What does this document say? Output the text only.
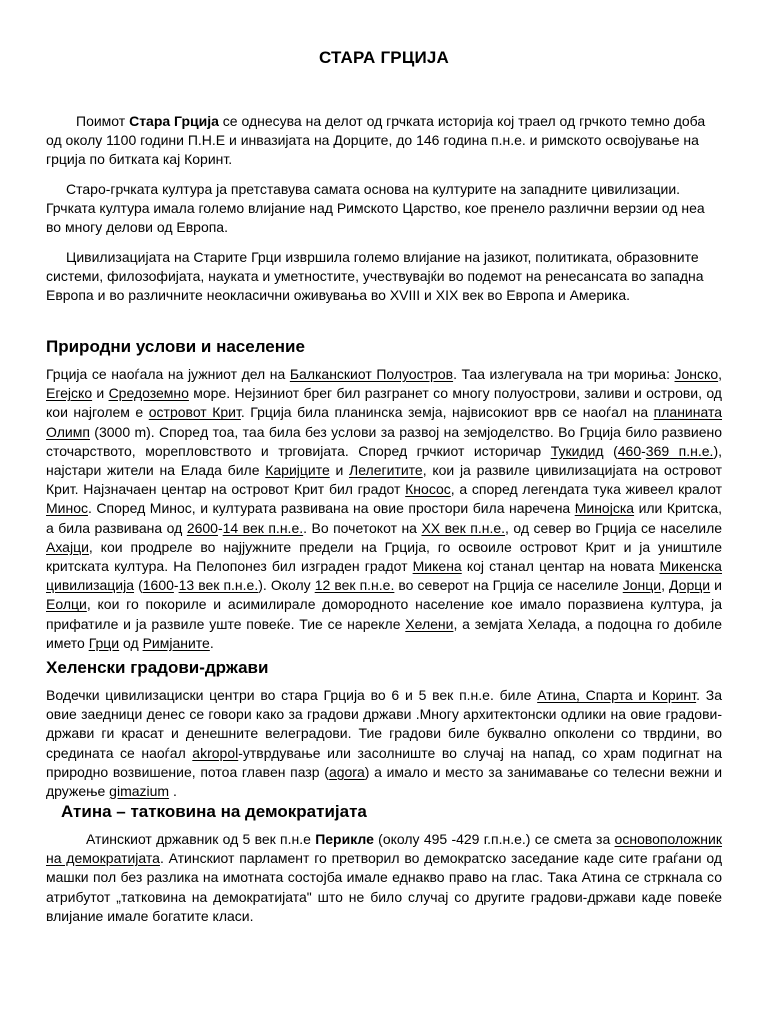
СТАРА ГРЦИЈА

Поимот Стара Грција се однесува на делот од грчката историја кој траел од грчкото темно доба од околу 1100 години П.Н.Е и инвазијата на Дорците, до 146 година п.н.е. и римското освојување на грција по битката кај Коринт.

Старо-грчката култура ја претставува самата основа на културите на западните цивилизации. Грчката култура имала големо влијание над Римското Царство, кое пренело различни верзии од неа во многу делови од Европа.

Цивилизацијата на Старите Грци извршила големо влијание на јазикот, политиката, образовните системи, филозофијата, науката и уметностите, учествувајќи во подемот на ренесансата во западна Европа и во различните неокласични оживувања во XVIII и XIX век во Европа и Америка.

Природни услови и население

Грција се наоѓала на јужниот дел на Балканскиот Полуостров. Таа излегувала на три морињa: Јонско, Егејско и Средоземно море. Нејзиниот брег бил разгранет со многу полуострови, заливи и острови, од кои најголем е островот Крит. Грција била планинска земја, највисокиот врв се наоѓал на планината Олимп (3000 m). Спорeд тоа, таа била без услови за развој на земјоделство. Во Грција било развиено сточарството, морепловството и трговијата. Според грчкиот историчар Тукидид (460-369 п.н.е.), најстари жители на Елада биле Каријците и Лелегитите, кои ја развиле цивилизацијата на островот Крит. Најзначаен центар на островот Крит бил градот Кносос, а според легендата тука живеел кралот Минос. Според Минос, и културата развивана на овие простори била наречена Минојска или Критска, а била развивана од 2600-14 век п.н.е.. Во почетокот на XX век п.н.е., од север во Грција се населиле Ахајци, кои продреле во најјужните предели на Грција, го освоиле островот Крит и ја уништиле критската култура. На Пелопонез бил изграден градот Микена кој станал центар на новата Микенска цивилизација (1600-13 век п.н.е.). Околу 12 век п.н.е. во северот на Грција се населиле Јонци, Дорци и Еолци, кои го покориле и асимилирале домородното население кое имало поразвиена култура, ја прифатиле и ја развиле уште повеќе. Тие се нарекле Хелени, а земјата Хелада, а подоцна го добиле името Грци од Римјаните.

Хеленски градови-држави

Водечки цивилизациски центри во стара Грција во 6 и 5 век п.н.е. биле Атина, Спарта и Коринт. За овие заедници денес се говори како за градови држави .Многу архитектонски одлики на овие градови-држави ги красат и денешните велеградови. Тие градови биле буквално опколени со тврдини, во средината се наоѓал akropol-утврдување или засолниште во случај на напад, со храм подигнат на природно возвишение, потоа главен пазр (agora) а имало и место за занимавање со телесни вежни и дружење gimazium .

Атина – татковина на демократијата

Атинскиот државник од 5 век п.н.е Перикле (околу 495 -429 г.п.н.е.) се смета за основоположник на демократијата. Атинскиот парламент го претворил во демократско заседание каде сите граѓани од машки пол без разлика на имотната состојба имале еднакво право на глас. Така Атина се стркнала со атрибутот „татковина на демократијата" што не било случај со другите градови-држави каде повеќе влијание имале богатите класи.
